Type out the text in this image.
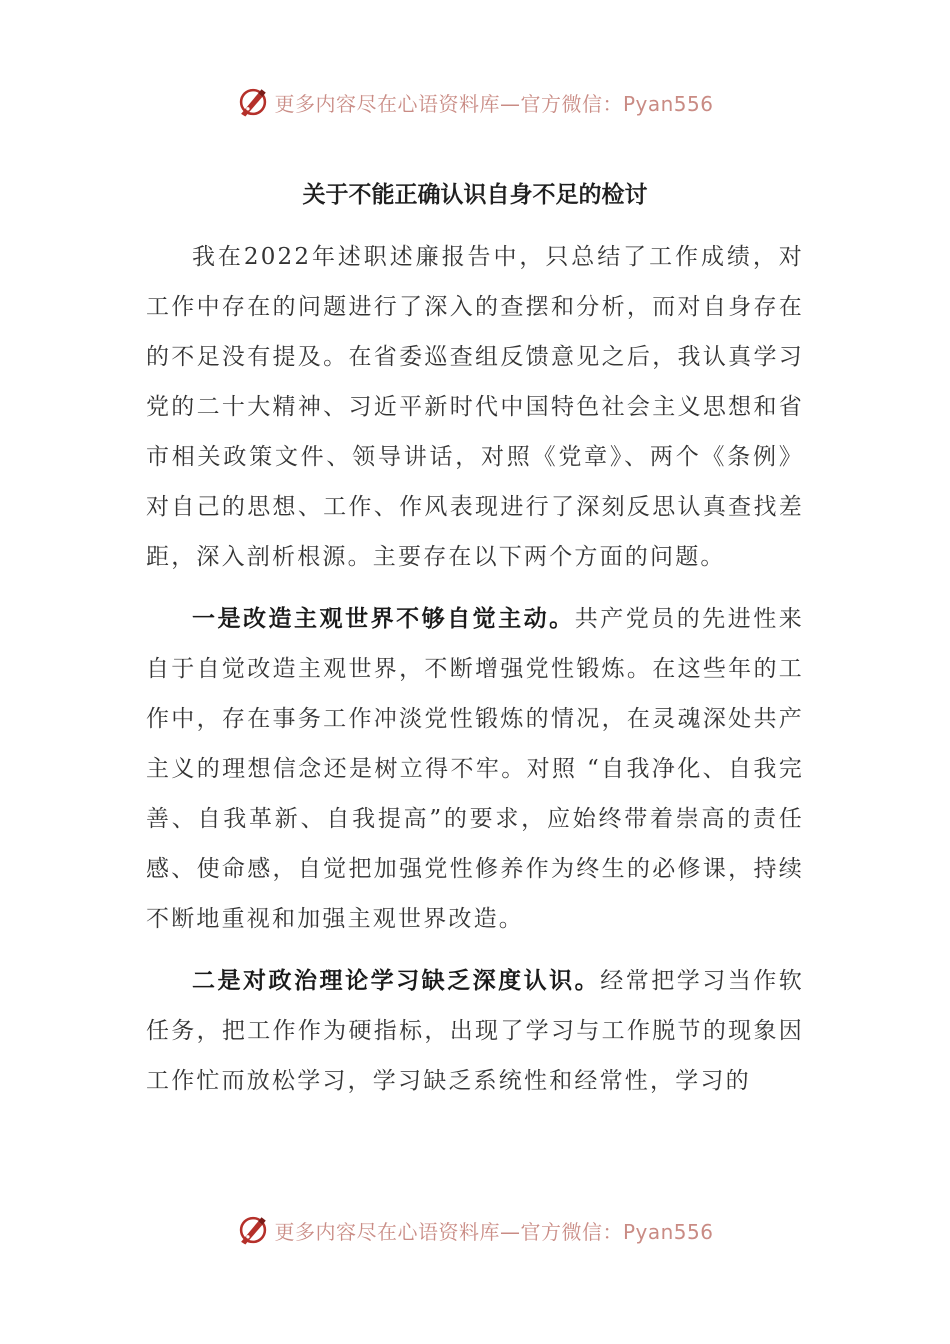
更多内容尽在心语资料库—官方微信：Pyan556
关于不能正确认识自身不足的检讨

我在2022年述职述廉报告中，只总结了工作成绩，对工作中存在的问题进行了深入的查摆和分析，而对自身存在的不足没有提及。在省委巡查组反馈意见之后，我认真学习党的二十大精神、习近平新时代中国特色社会主义思想和省市相关政策文件、领导讲话，对照《党章》、两个《条例》对自己的思想、工作、作风表现进行了深刻反思认真查找差距，深入剖析根源。主要存在以下两个方面的问题。

一是改造主观世界不够自觉主动。共产党员的先进性来自于自觉改造主观世界，不断增强党性锻炼。在这些年的工作中，存在事务工作冲淡党性锻炼的情况，在灵魂深处共产主义的理想信念还是树立得不牢。对照 “自我净化、自我完善、自我革新、自我提高”的要求，应始终带着崇高的责任感、使命感，自觉把加强党性修养作为终生的必修课，持续不断地重视和加强主观世界改造。

二是对政治理论学习缺乏深度认识。经常把学习当作软任务，把工作作为硬指标，出现了学习与工作脱节的现象因工作忙而放松学习，学习缺乏系统性和经常性，学习的

更多内容尽在心语资料库—官方微信：Pyan556
